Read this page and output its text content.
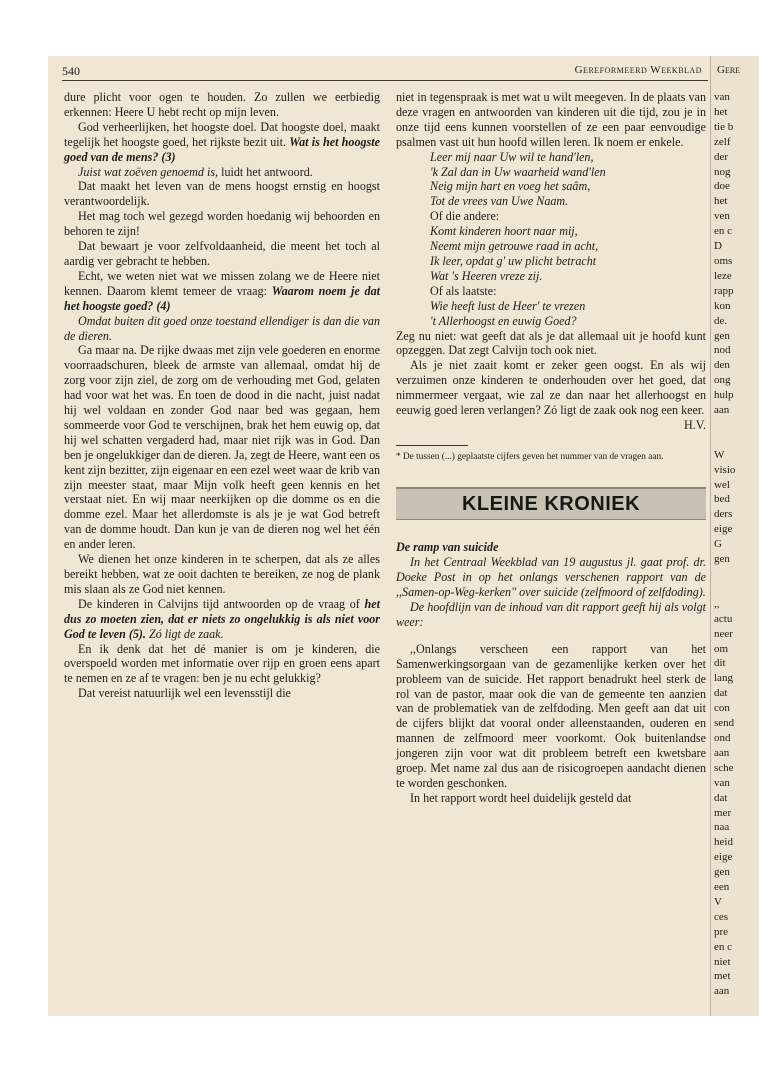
540	Gereformeerd Weekblad

dure plicht voor ogen te houden. Zo zullen we eerbiedig erkennen: Heere U hebt recht op mijn leven.

God verheerlijken, het hoogste doel. Dat hoogste doel, maakt tegelijk het hoogste goed, het rijkste bezit uit. Wat is het hoogste goed van de mens? (3)

Juist wat zoëven genoemd is, luidt het antwoord.

Dat maakt het leven van de mens hoogst ernstig en hoogst verantwoordelijk.

Het mag toch wel gezegd worden hoedanig wij behoorden en behoren te zijn!

Dat bewaart je voor zelfvoldaanheid, die meent het toch al aardig ver gebracht te hebben.

Echt, we weten niet wat we missen zolang we de Heere niet kennen. Daarom klemt temeer de vraag: Waarom noem je dat het hoogste goed? (4)

Omdat buiten dit goed onze toestand ellendiger is dan die van de dieren.

Ga maar na. De rijke dwaas met zijn vele goederen en enorme voorraadschuren, bleek de armste van allemaal, omdat hij de zorg voor zijn ziel, de zorg om de verhouding met God, gelaten had voor wat het was. En toen de dood in die nacht, juist nadat hij wel voldaan en zonder God naar bed was gegaan, hem sommeerde voor God te verschijnen, brak het hem euwig op, dat hij wel schatten vergaderd had, maar niet rijk was in God. Dan ben je ongelukkiger dan de dieren. Ja, zegt de Heere, want een os kent zijn bezitter, zijn eigenaar en een ezel weet waar de krib van zijn meester staat, maar Mijn volk heeft geen kennis en het verstaat niet. En wij maar neerkijken op die domme os en die domme ezel. Maar het allerdomste is als je je wat God betreft van de domme houdt. Dan kun je van de dieren nog wel het één en ander leren.

We dienen het onze kinderen in te scherpen, dat als ze alles bereikt hebben, wat ze ooit dachten te bereiken, ze nog de plank mis slaan als ze God niet kennen.

De kinderen in Calvijns tijd antwoorden op de vraag of het dus zo moeten zien, dat er niets zo ongelukkig is als niet voor God te leven (5). Zó ligt de zaak.

En ik denk dat het dé manier is om je kinderen, die overspoeld worden met informatie over rijp en groen eens apart te nemen en ze af te vragen: ben je nu echt gelukkig?

Dat vereist natuurlijk wel een levensstijl die

niet in tegenspraak is met wat u wilt meegeven. In de plaats van deze vragen en antwoorden van kinderen uit die tijd, zou je in onze tijd eens kunnen voorstellen of ze een paar eenvoudige psalmen vast uit hun hoofd willen leren. Ik noem er enkele.

Leer mij naar Uw wil te hand'len,
'k Zal dan in Uw waarheid wand'len
Neig mijn hart en voeg het saâm,
Tot de vrees van Uwe Naam.

Of die andere:

Komt kinderen hoort naar mij,
Neemt mijn getrouwe raad in acht,
Ik leer, opdat g' uw plicht betracht
Wat 's Heeren vreze zij.

Of als laatste:

Wie heeft lust de Heer' te vrezen
't Allerhoogst en euwig Goed?

Zeg nu niet: wat geeft dat als je dat allemaal uit je hoofd kunt opzeggen. Dat zegt Calvijn toch ook niet.

Als je niet zaait komt er zeker geen oogst. En als wij verzuimen onze kinderen te onderhouden over het goed, dat nimmermeer vergaat, wie zal ze dan naar het allerhoogst en eeuwig goed leren verlangen? Zó ligt de zaak ook nog een keer.

H.V.

* De tussen (...) geplaatste cijfers geven het nummer van de vragen aan.

KLEINE KRONIEK

De ramp van suicide

In het Centraal Weekblad van 19 augustus jl. gaat prof. dr. Doeke Post in op het onlangs verschenen rapport van de ,,Samen-op-Weg-kerken" over suicide (zelfmoord of zelfdoding).

De hoofdlijn van de inhoud van dit rapport geeft hij als volgt weer:

,,Onlangs verscheen een rapport van het Samenwerkingsorgaan van de gezamenlijke kerken over het probleem van de suicide. Het rapport benadrukt heel sterk de rol van de pastor, maar ook die van de gemeente ten aanzien van de problematiek van de zelfdoding. Men geeft aan dat uit de cijfers blijkt dat vooral onder alleenstaanden, ouderen en mannen de zelfmoord meer voorkomt. Ook buitenlandse jongeren zijn voor wat dit probleem betreft een kwetsbare groep. Met name zal dus aan de risicogroepen aandacht dienen te worden geschonken.

In het rapport wordt heel duidelijk gesteld dat

Gere
van
het
tie b
zelf
der
nog
doe
het
ven
en c
D
oms
leze
rapp
kon
de.
gen
nod
den
ong
hulp
aan

W
visio
wel
bed
ders
eige
G
gen

,,
actu
neer
om
dit
lang
dat
con
send
ond
aan
sche
van
dat
mer
naa
heid
eige
gen
een
V
ces
pre
en c
niet
met
aan
